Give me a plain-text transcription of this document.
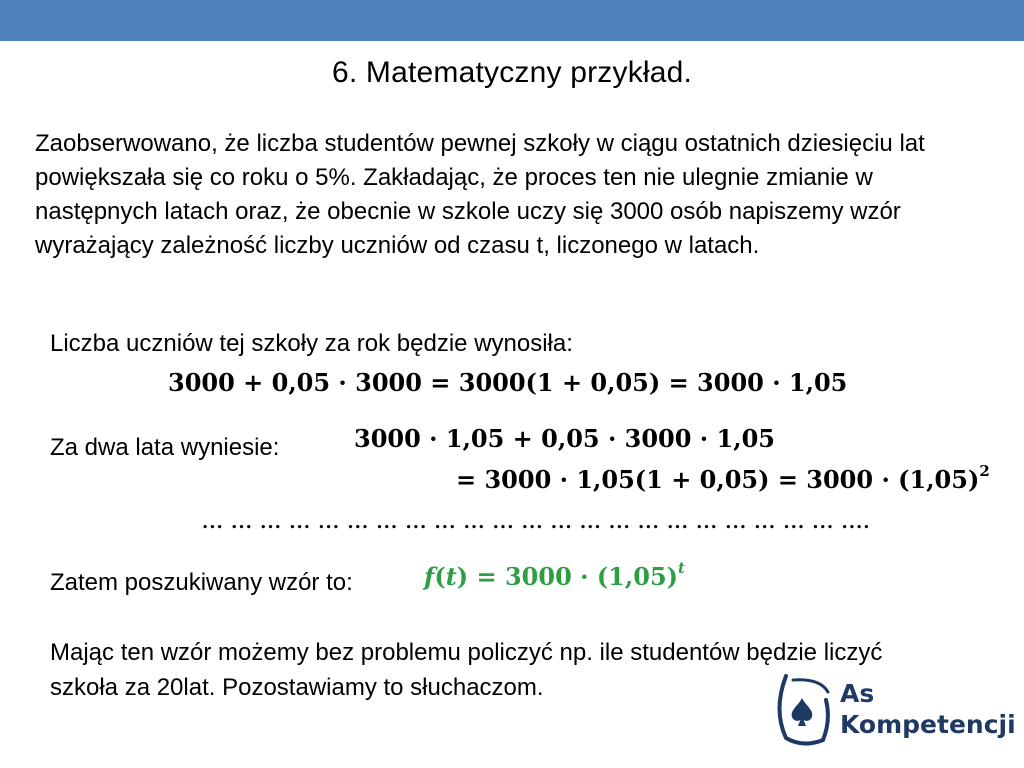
6. Matematyczny przykład.
Zaobserwowano, że liczba studentów pewnej szkoły w ciągu ostatnich dziesięciu lat powiększała się co roku o 5%. Zakładając, że proces ten nie ulegnie zmianie w następnych latach oraz, że obecnie w szkole uczy się 3000 osób napiszemy wzór wyrażający zależność liczby uczniów od czasu t, liczonego w latach.
Liczba uczniów tej szkoły za rok będzie wynosiła:
3000 + 0,05 · 3000 = 3000(1 + 0,05) = 3000 · 1,05
Za dwa lata wyniesie:	3000 · 1,05 + 0,05 · 3000 · 1,05
= $3000 \cdot 1,05(1 + 0,05) = 3000 \cdot (1,05)^2$
... ... ... ... ... ... ... ... ... ... ... ... ... ... ... ... ... ... ... ... ... ... ....
Zatem poszukiwany wzór to:	$f(t) = 3000 \cdot (1,05)^t$
Mając ten wzór możemy bez problemu policzyć np. ile studentów będzie liczyć szkoła za 20lat. Pozostawiamy to słuchaczom.	As
Kompetencji
